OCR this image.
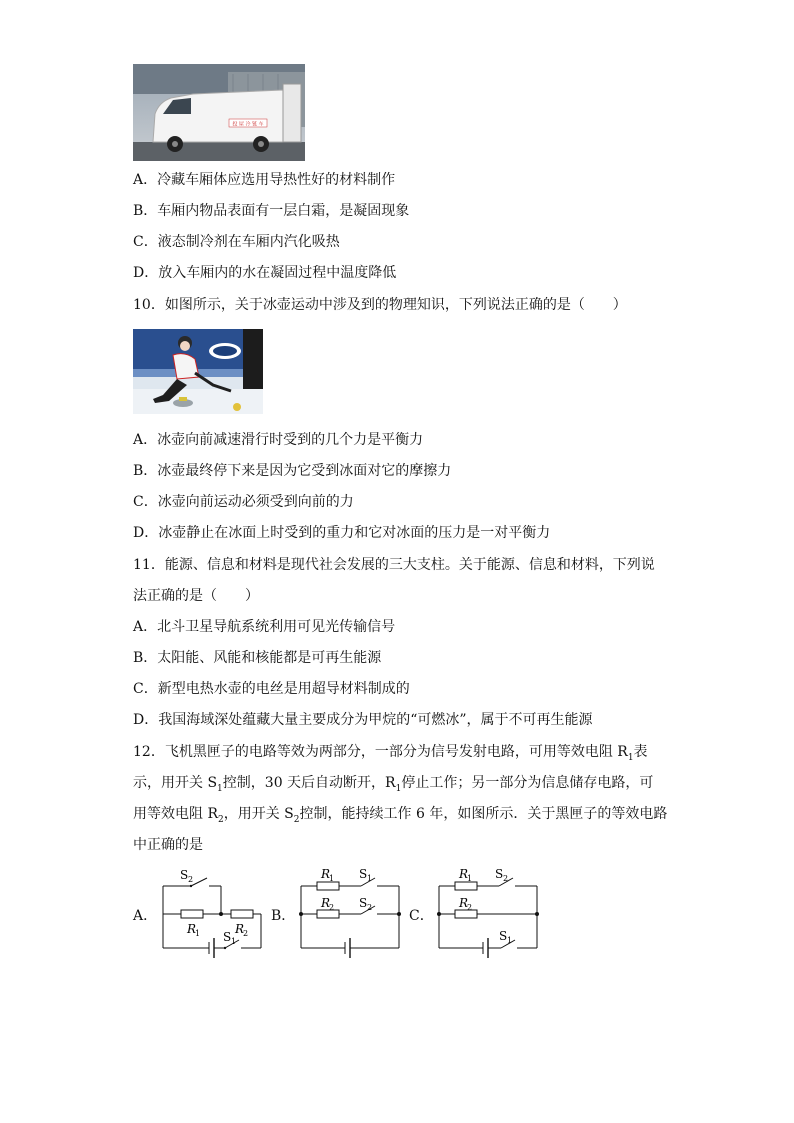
投 屋 冷 链 车
A．冷藏车厢体应选用导热性好的材料制作
B．车厢内物品表面有一层白霜，是凝固现象
C．液态制冷剂在车厢内汽化吸热
D．放入车厢内的水在凝固过程中温度降低
10．如图所示，关于冰壶运动中涉及到的物理知识，下列说法正确的是（　　）
A．冰壶向前减速滑行时受到的几个力是平衡力
B．冰壶最终停下来是因为它受到冰面对它的摩擦力
C．冰壶向前运动必须受到向前的力
D．冰壶静止在冰面上时受到的重力和它对冰面的压力是一对平衡力
11．能源、信息和材料是现代社会发展的三大支柱。关于能源、信息和材料，下列说
法正确的是（　　）
A．北斗卫星导航系统利用可见光传输信号
B．太阳能、风能和核能都是可再生能源
C．新型电热水壶的电丝是用超导材料制成的
D．我国海域深处蕴藏大量主要成分为甲烷的“可燃冰”，属于不可再生能源
12．飞机黑匣子的电路等效为两部分，一部分为信号发射电路，可用等效电阻 $R_1$表
示，用开关 $S_1$控制，30 天后自动断开，$R_1$停止工作；另一部分为信息储存电路，可
用等效电阻 $R_2$，用开关 $S_2$控制，能持续工作 6 年，如图所示．关于黑匣子的等效电路
中正确的是
A．	B．	C．
S 2
R
1 S 1
R
2
R
1 S 1
R
2 S 2
R
1 S 2
R
2
S 1
